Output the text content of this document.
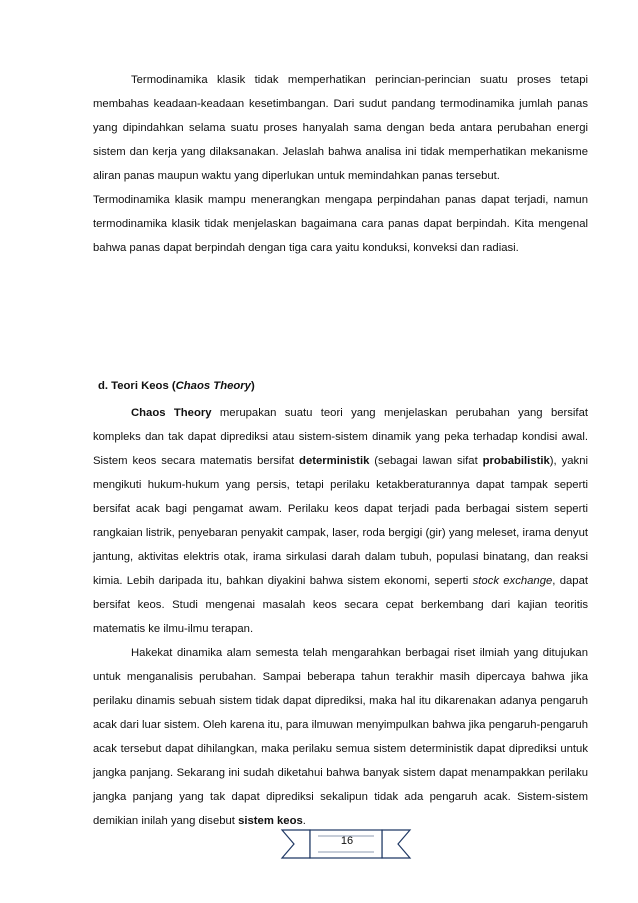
Termodinamika klasik tidak memperhatikan perincian-perincian suatu proses tetapi membahas keadaan-keadaan kesetimbangan. Dari sudut pandang termodinamika jumlah panas yang dipindahkan selama suatu proses hanyalah sama dengan beda antara perubahan energi sistem dan kerja yang dilaksanakan. Jelaslah bahwa analisa ini tidak memperhatikan mekanisme aliran panas maupun waktu yang diperlukan untuk memindahkan panas tersebut.

Termodinamika klasik mampu menerangkan mengapa perpindahan panas dapat terjadi, namun termodinamika klasik tidak menjelaskan bagaimana cara panas dapat berpindah. Kita mengenal bahwa panas dapat berpindah dengan tiga cara yaitu konduksi, konveksi dan radiasi.

d. Teori Keos (Chaos Theory)

Chaos Theory merupakan suatu teori yang menjelaskan perubahan yang bersifat kompleks dan tak dapat diprediksi atau sistem-sistem dinamik yang peka terhadap kondisi awal. Sistem keos secara matematis bersifat deterministik (sebagai lawan sifat probabilistik), yakni mengikuti hukum-hukum yang persis, tetapi perilaku ketakberaturannya dapat tampak seperti bersifat acak bagi pengamat awam. Perilaku keos dapat terjadi pada berbagai sistem seperti rangkaian listrik, penyebaran penyakit campak, laser, roda bergigi (gir) yang meleset, irama denyut jantung, aktivitas elektris otak, irama sirkulasi darah dalam tubuh, populasi binatang, dan reaksi kimia. Lebih daripada itu, bahkan diyakini bahwa sistem ekonomi, seperti stock exchange, dapat bersifat keos. Studi mengenai masalah keos secara cepat berkembang dari kajian teoritis matematis ke ilmu-ilmu terapan.

Hakekat dinamika alam semesta telah mengarahkan berbagai riset ilmiah yang ditujukan untuk menganalisis perubahan. Sampai beberapa tahun terakhir masih dipercaya bahwa jika perilaku dinamis sebuah sistem tidak dapat diprediksi, maka hal itu dikarenakan adanya pengaruh acak dari luar sistem. Oleh karena itu, para ilmuwan menyimpulkan bahwa jika pengaruh-pengaruh acak tersebut dapat dihilangkan, maka perilaku semua sistem deterministik dapat diprediksi untuk jangka panjang. Sekarang ini sudah diketahui bahwa banyak sistem dapat menampakkan perilaku jangka panjang yang tak dapat diprediksi sekalipun tidak ada pengaruh acak. Sistem-sistem demikian inilah yang disebut sistem keos.

16
